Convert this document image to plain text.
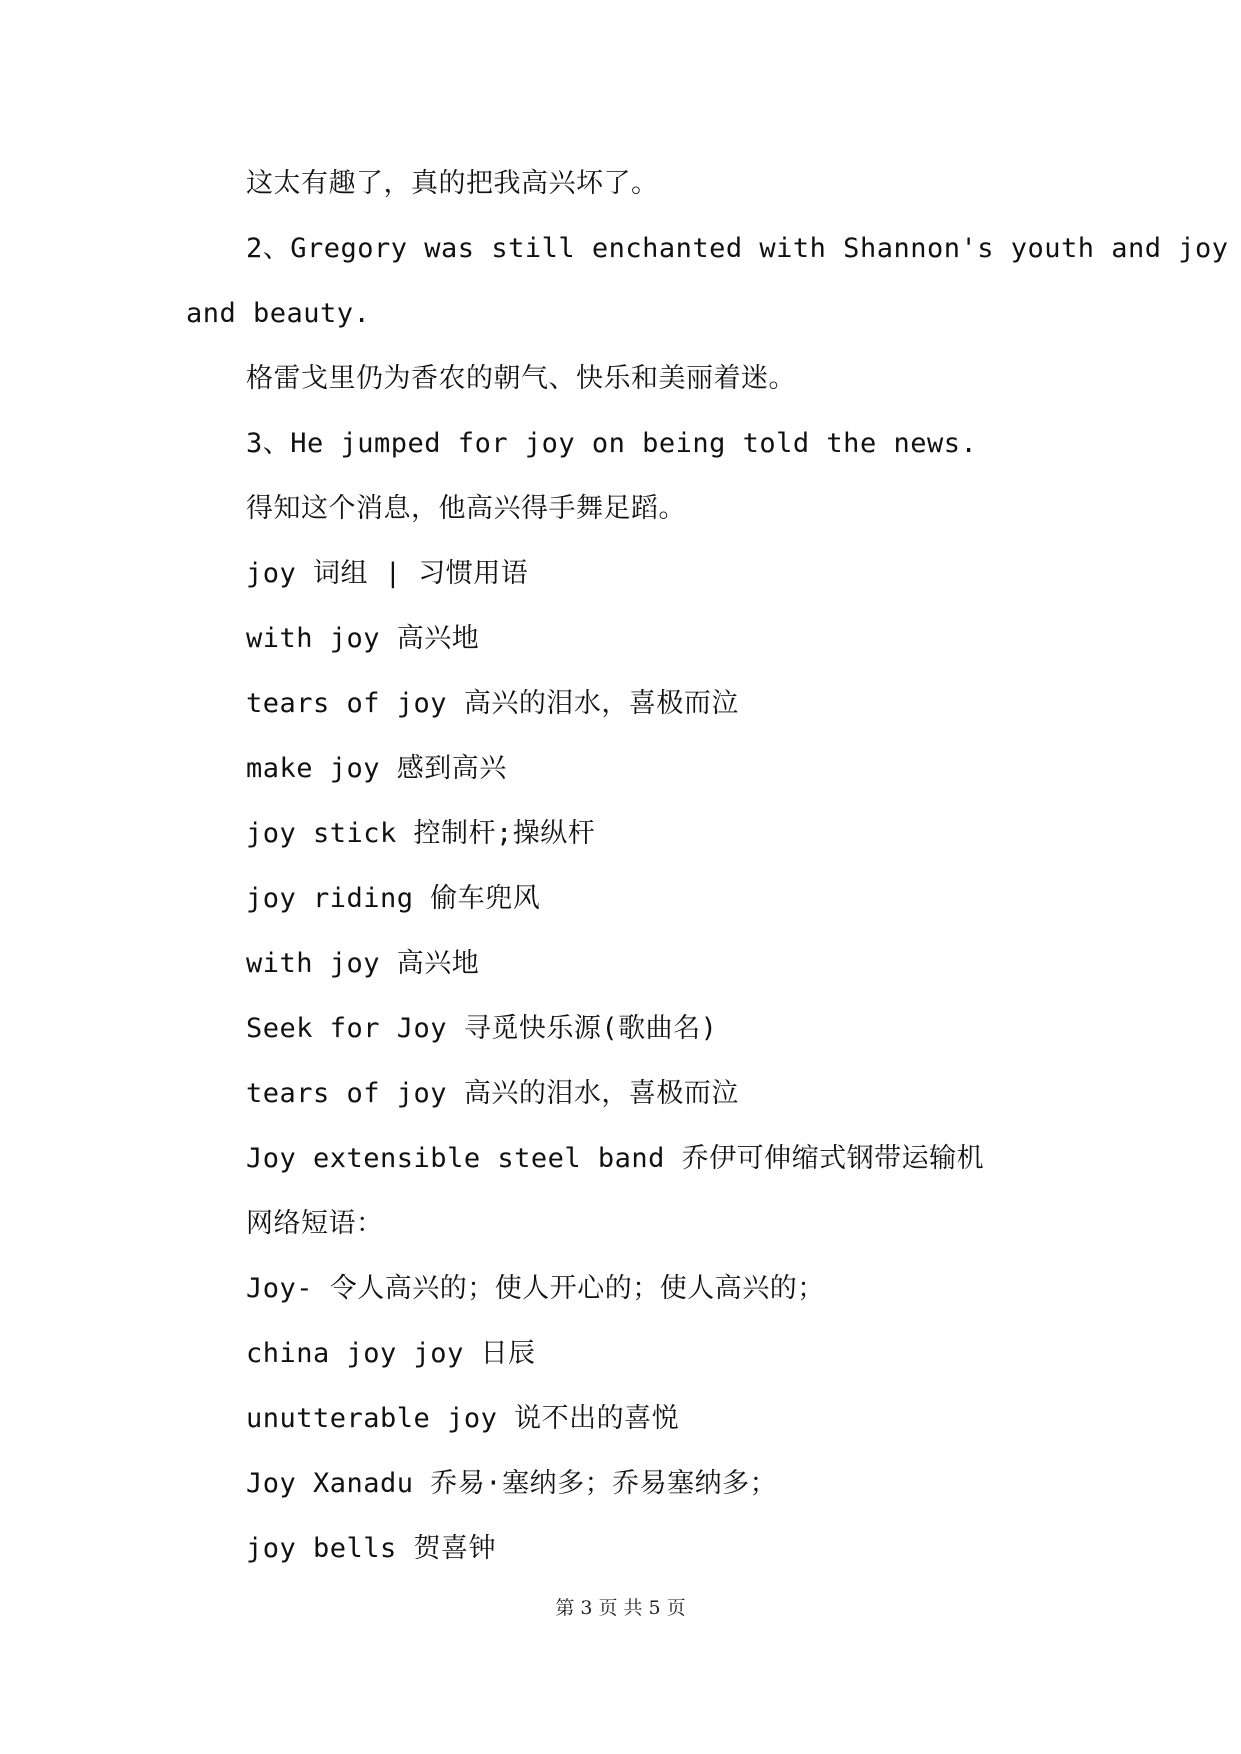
这太有趣了，真的把我高兴坏了。

2、Gregory was still enchanted with Shannon's youth and joy

and beauty.

格雷戈里仍为香农的朝气、快乐和美丽着迷。

3、He jumped for joy on being told the news.

得知这个消息，他高兴得手舞足蹈。

joy 词组 | 习惯用语

with joy 高兴地

tears of joy 高兴的泪水，喜极而泣

make joy 感到高兴

joy stick 控制杆;操纵杆

joy riding 偷车兜风

with joy 高兴地

Seek for Joy 寻觅快乐源(歌曲名)

tears of joy 高兴的泪水，喜极而泣

Joy extensible steel band 乔伊可伸缩式钢带运输机

网络短语：

Joy- 令人高兴的；使人开心的；使人高兴的；

china joy joy 日辰

unutterable joy 说不出的喜悦

Joy Xanadu 乔易·塞纳多；乔易塞纳多；

joy bells 贺喜钟

第 3 页 共 5 页
